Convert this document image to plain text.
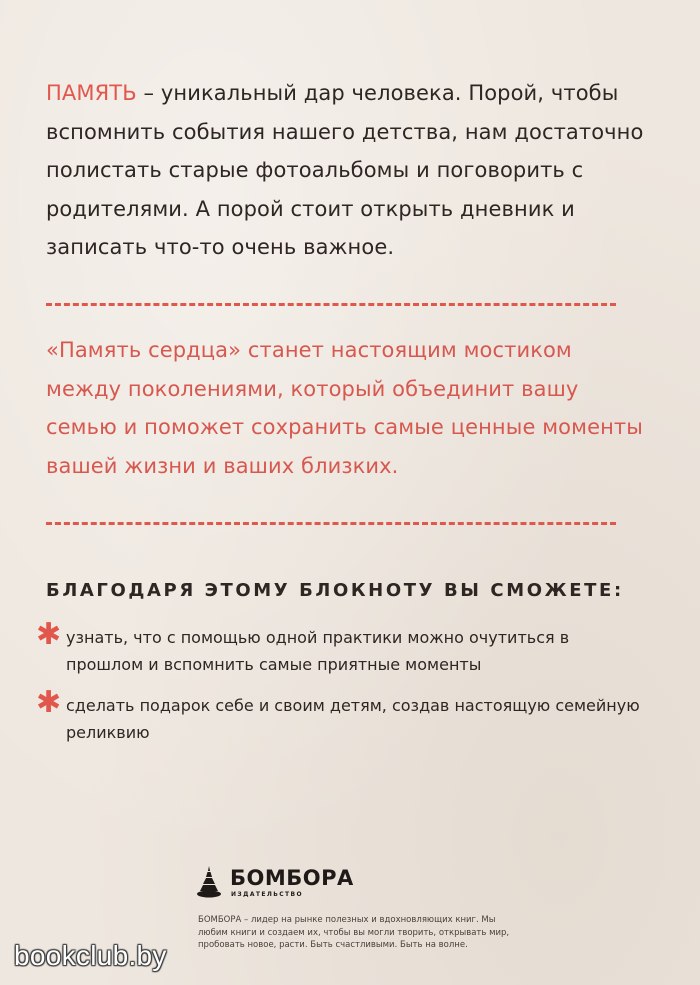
ПАМЯТЬ – уникальный дар человека. Порой, чтобы вспомнить события нашего детства, нам достаточно полистать старые фотоальбомы и поговорить с родителями. А порой стоит открыть дневник и записать что-то очень важное.
«Память сердца» станет настоящим мостиком между поколениями, который объединит вашу семью и поможет сохранить самые ценные моменты вашей жизни и ваших близких.
БЛАГОДАРЯ ЭТОМУ БЛОКНОТУ ВЫ СМОЖЕТЕ:
✱ узнать, что с помощью одной практики можно очутиться в прошлом и вспомнить самые приятные моменты
✱ сделать подарок себе и своим детям, создав настоящую семейную реликвию
БОМБОРА
ИЗДАТЕЛЬСТВО
БОМБОРА – лидер на рынке полезных и вдохновляющих книг. Мы любим книги и создаем их, чтобы вы могли творить, открывать мир, пробовать новое, расти. Быть счастливыми. Быть на волне.
bookclub.by
